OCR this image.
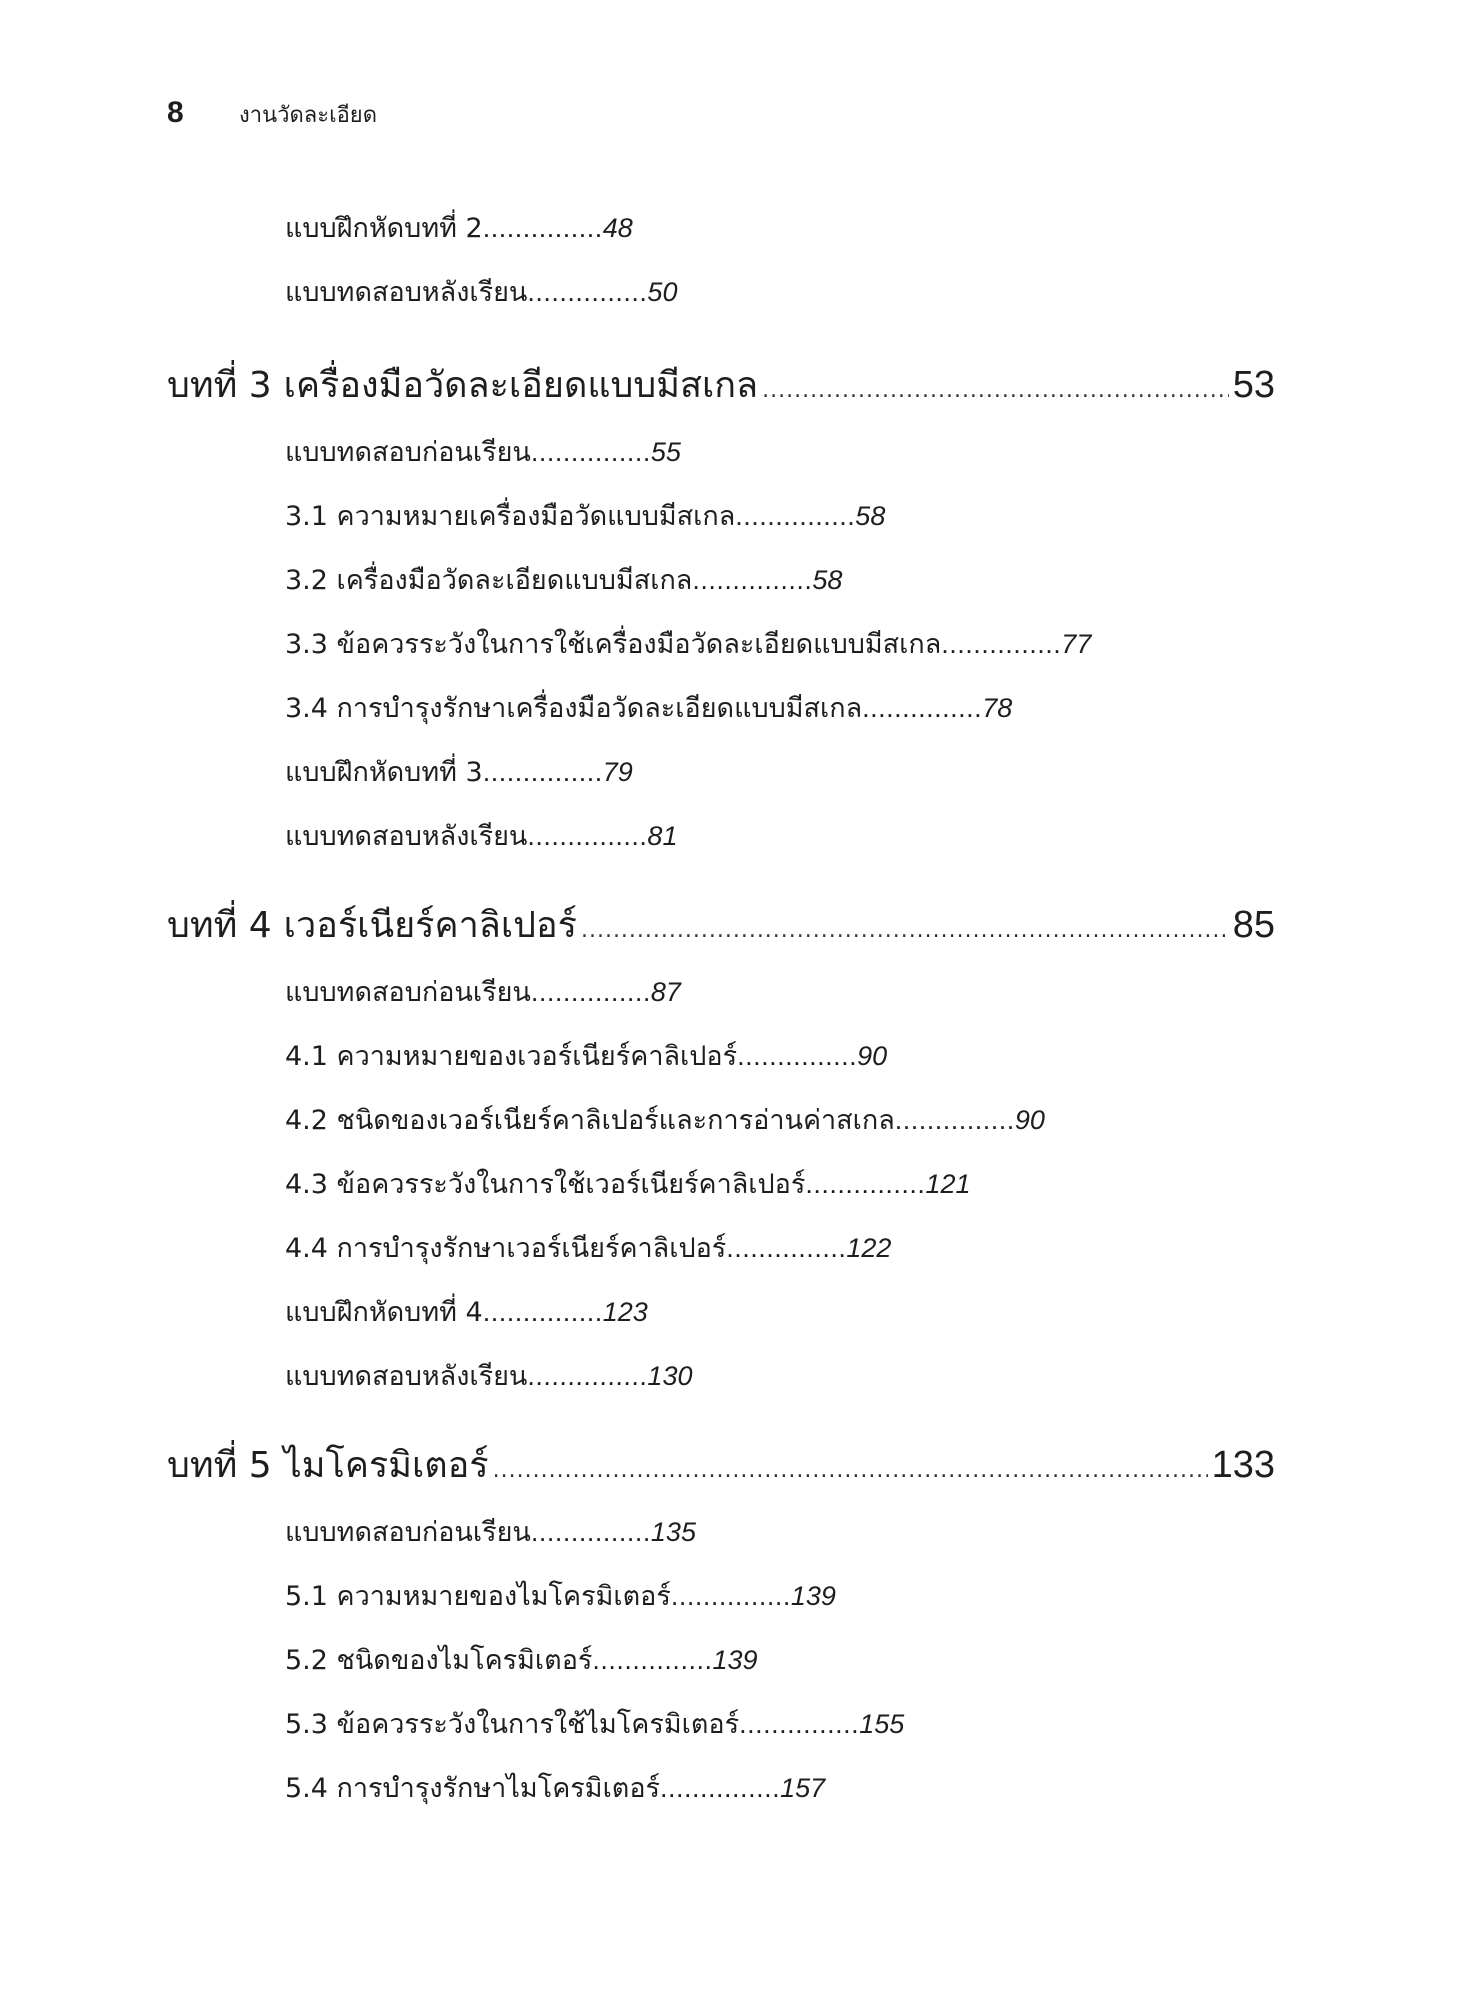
8	งานวัดละเอียด
แบบฝึกหัดบทที่ 2 ............... 48
แบบทดสอบหลังเรียน ............... 50
บทที่ 3 เครื่องมือวัดละเอียดแบบมีสเกล .....	53
แบบทดสอบก่อนเรียน ............... 55
3.1 ความหมายเครื่องมือวัดแบบมีสเกล ............... 58
3.2 เครื่องมือวัดละเอียดแบบมีสเกล ............... 58
3.3 ข้อควรระวังในการใช้เครื่องมือวัดละเอียดแบบมีสเกล ............... 77
3.4 การบำรุงรักษาเครื่องมือวัดละเอียดแบบมีสเกล ............... 78
แบบฝึกหัดบทที่ 3 ............... 79
แบบทดสอบหลังเรียน ............... 81
บทที่ 4 เวอร์เนียร์คาลิเปอร์ .....	85
แบบทดสอบก่อนเรียน ............... 87
4.1 ความหมายของเวอร์เนียร์คาลิเปอร์ ............... 90
4.2 ชนิดของเวอร์เนียร์คาลิเปอร์และการอ่านค่าสเกล ............... 90
4.3 ข้อควรระวังในการใช้เวอร์เนียร์คาลิเปอร์ ............... 121
4.4 การบำรุงรักษาเวอร์เนียร์คาลิเปอร์ ............... 122
แบบฝึกหัดบทที่ 4 ............... 123
แบบทดสอบหลังเรียน ............... 130
บทที่ 5 ไมโครมิเตอร์ .....	133
แบบทดสอบก่อนเรียน ............... 135
5.1 ความหมายของไมโครมิเตอร์ ............... 139
5.2 ชนิดของไมโครมิเตอร์ ............... 139
5.3 ข้อควรระวังในการใช้ไมโครมิเตอร์ ............... 155
5.4 การบำรุงรักษาไมโครมิเตอร์ ............... 157
